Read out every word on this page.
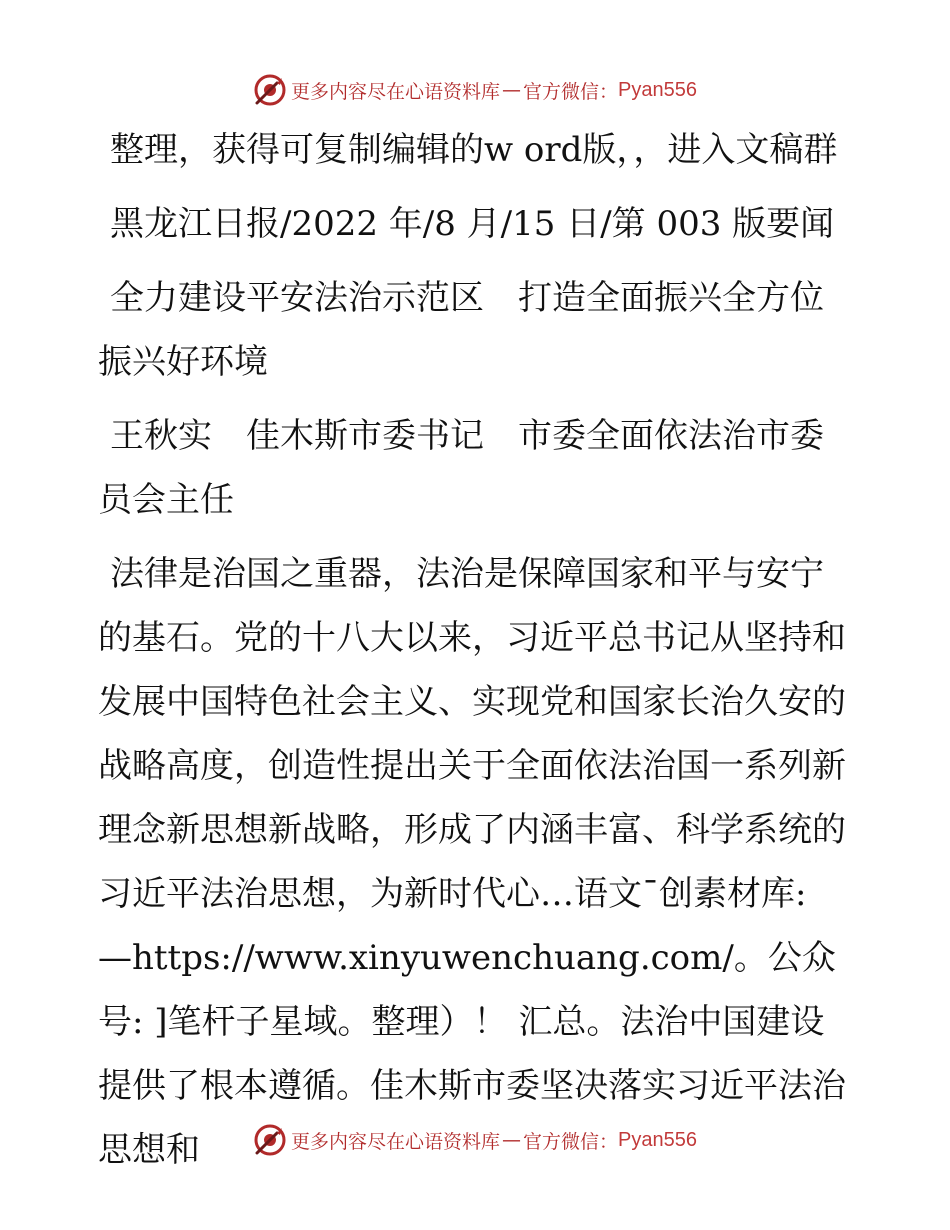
更多内容尽在心语资料库 — 官方微信： Pyan556

整理，获得可复制编辑的w ord版，，进入文稿群

黑龙江日报/2022 年/8 月/15 日/第 003 版要闻

全力建设平安法治示范区　打造全面振兴全方位振兴好环境

王秋实　佳木斯市委书记　市委全面依法治市委员会主任

法律是治国之重器，法治是保障国家和平与安宁的基石。党的十八大以来，习近平总书记从坚持和发展中国特色社会主义、实现党和国家长治久安的战略高度，创造性提出关于全面依法治国一系列新理念新思想新战略，形成了内涵丰富、科学系统的习近平法治思想，为新时代心…语文¯创素材库: —https://www.xinyuwenchuang.com/。公众号: ]笔杆子星域。整理）！ 汇总。法治中国建设提供了根本遵循。佳木斯市委坚决落实习近平法治思想和	更多内容尽在心语资料库 — 官方微信： Pyan556
